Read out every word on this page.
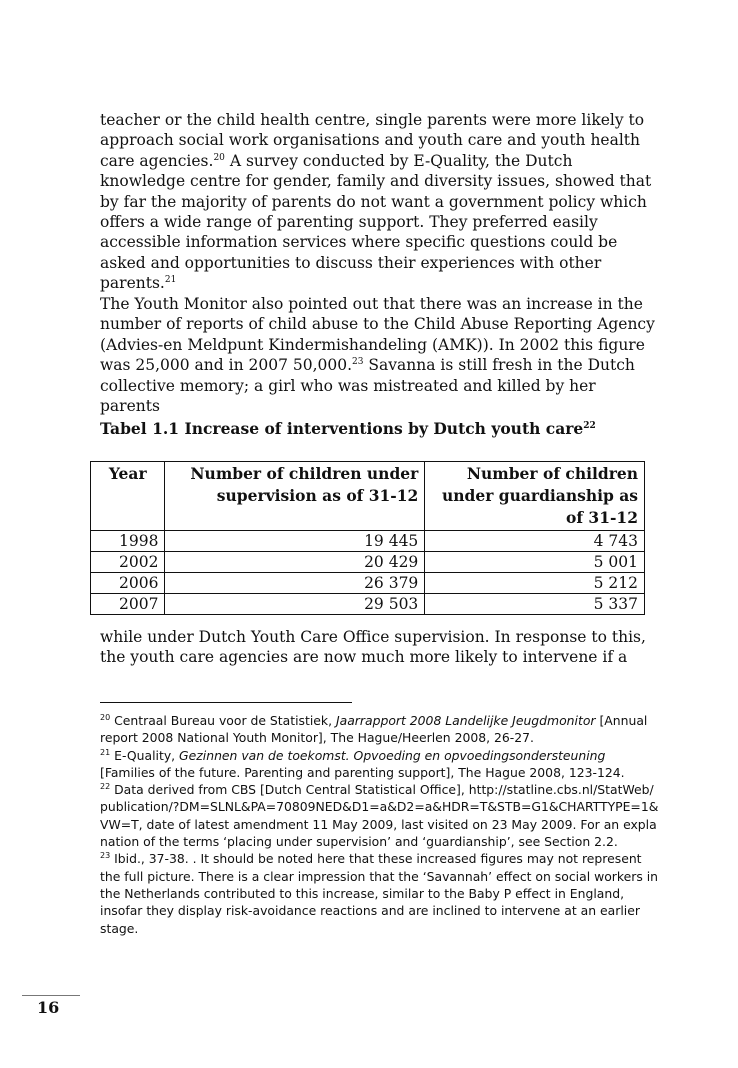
teacher or the child health centre, single parents were more likely to approach social work organisations and youth care and youth health care agencies.$^{20}$ A survey conducted by E-Quality, the Dutch knowledge centre for gender, family and diversity issues, showed that by far the majority of parents do not want a government policy which offers a wide range of parenting support. They preferred easily accessible information services where specific questions could be asked and opportunities to discuss their experiences with other parents.$^{21}$

The Youth Monitor also pointed out that there was an increase in the number of reports of child abuse to the Child Abuse Reporting Agency (Advies-en Meldpunt Kindermishandeling (AMK)). In 2002 this figure was 25,000 and in 2007 50,000.23 Savanna is still fresh in the Dutch collective memory; a girl who was mistreated and killed by her parents

Tabel 1.1 Increase of interventions by Dutch youth care$^{22}$

Year	Number of children under supervision as of 31-12	Number of children under guardianship as of 31-12
1998	19 445	4 743
2002	20 429	5 001
2006	26 379	5 212
2007	29 503	5 337

while under Dutch Youth Care Office supervision. In response to this, the youth care agencies are now much more likely to intervene if a

$^{20}$ Centraal Bureau voor de Statistiek, Jaarrapport 2008 Landelijke Jeugdmonitor [Annual report 2008 National Youth Monitor], The Hague/Heerlen 2008, 26-27.

$^{21}$ E-Quality, Gezinnen van de toekomst. Opvoeding en opvoedingsondersteuning [Families of the future. Parenting and parenting support], The Hague 2008, 123-124.

$^{22}$ Data derived from CBS [Dutch Central Statistical Office], http://statline.cbs.nl/StatWeb/publication/?DM=SLNL&PA=70809NED&D1=a&D2=a&HDR=T&STB=G1&CHARTTYPE=1&VW=T, date of latest amendment 11 May 2009, last visited on 23 May 2009. For an explanation of the terms ‘placing under supervision’ and ‘guardianship’, see Section 2.2.

$^{23}$ Ibid., 37-38. . It should be noted here that these increased figures may not represent the full picture. There is a clear impression that the ‘Savannah’ effect on social workers in the Netherlands contributed to this increase, similar to the Baby P effect in England, insofar they display risk-avoidance reactions and are inclined to intervene at an earlier stage.

16
